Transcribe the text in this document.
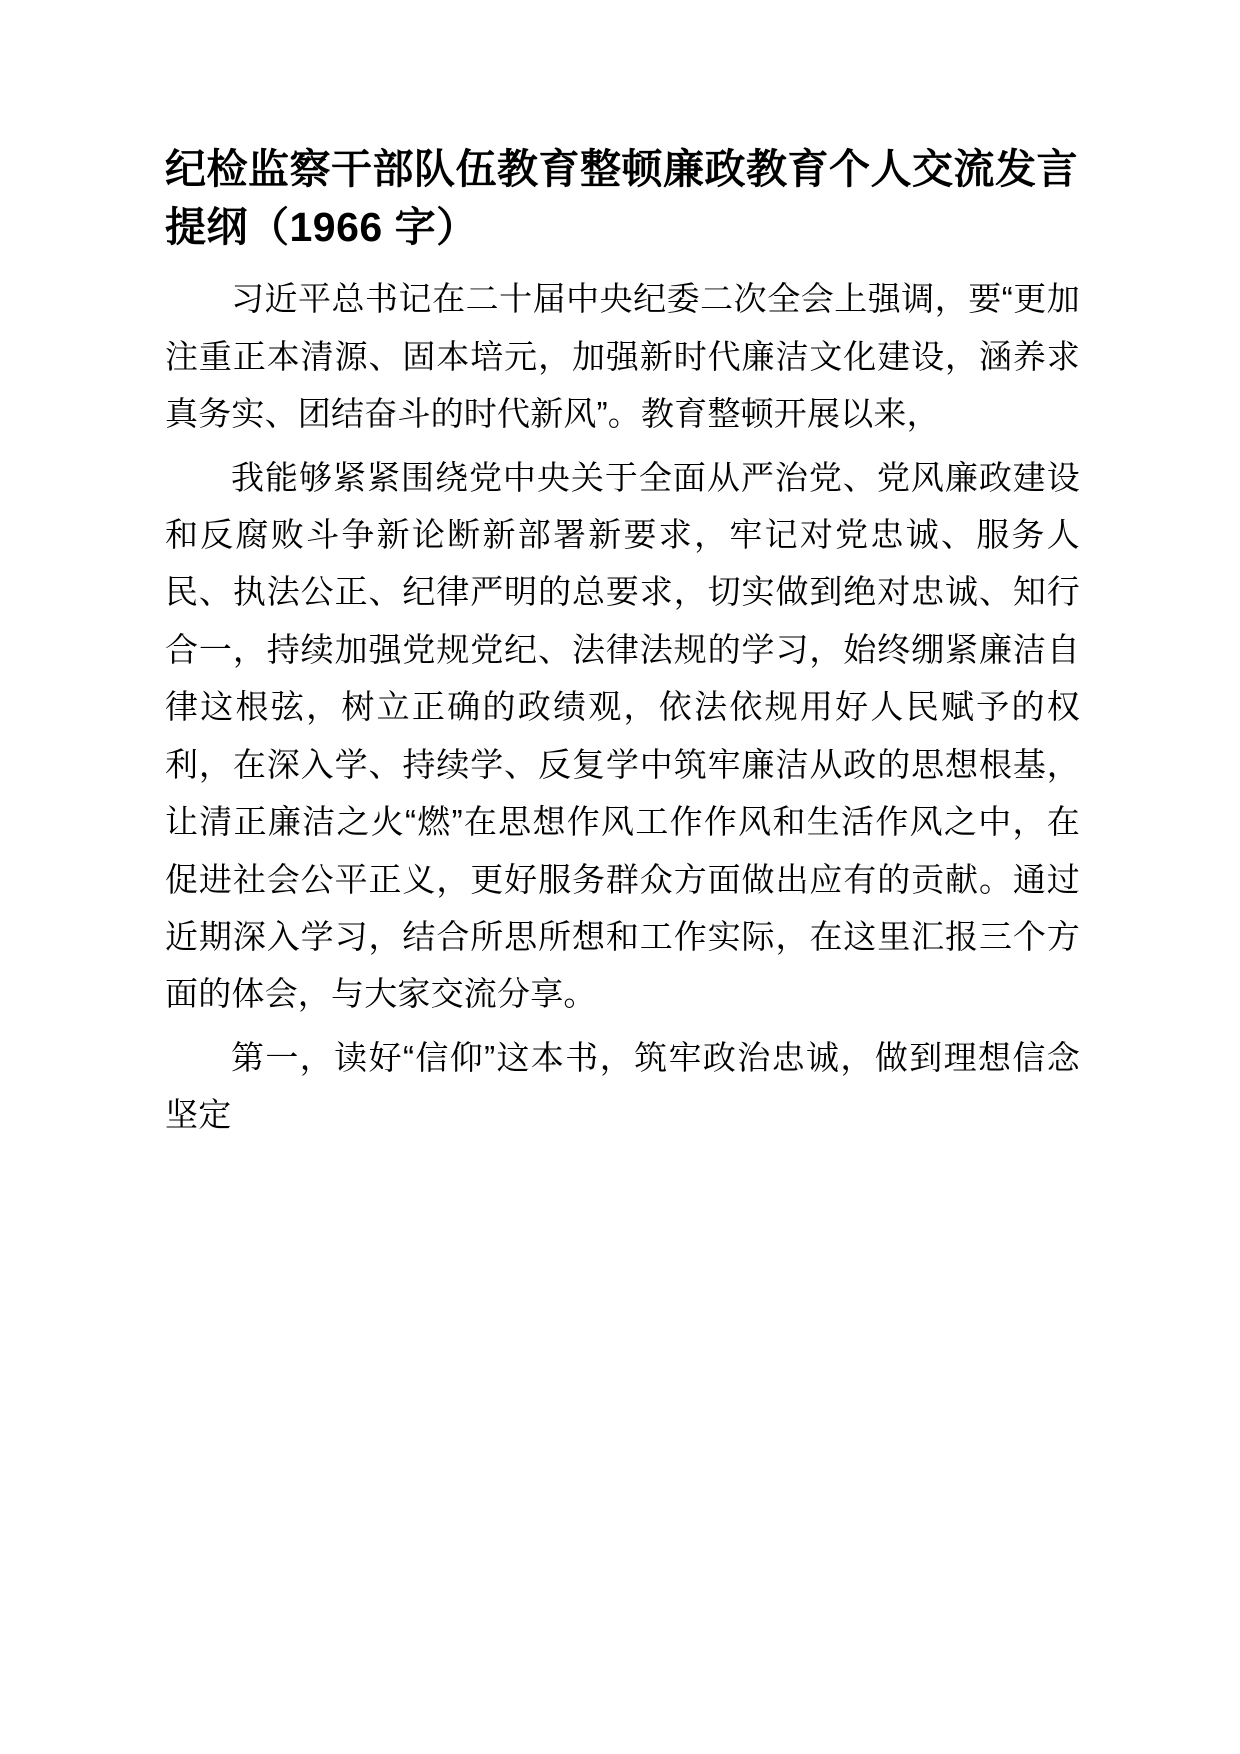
纪检监察干部队伍教育整顿廉政教育个人交流发言提纲（1966 字）

习近平总书记在二十届中央纪委二次全会上强调，要“更加注重正本清源、固本培元，加强新时代廉洁文化建设，涵养求真务实、团结奋斗的时代新风”。教育整顿开展以来，

我能够紧紧围绕党中央关于全面从严治党、党风廉政建设和反腐败斗争新论断新部署新要求，牢记对党忠诚、服务人民、执法公正、纪律严明的总要求，切实做到绝对忠诚、知行合一，持续加强党规党纪、法律法规的学习，始终绷紧廉洁自律这根弦，树立正确的政绩观，依法依规用好人民赋予的权利，在深入学、持续学、反复学中筑牢廉洁从政的思想根基，让清正廉洁之火“燃”在思想作风工作作风和生活作风之中，在促进社会公平正义，更好服务群众方面做出应有的贡献。通过近期深入学习，结合所思所想和工作实际，在这里汇报三个方面的体会，与大家交流分享。

第一，读好“信仰”这本书，筑牢政治忠诚，做到理想信念坚定
